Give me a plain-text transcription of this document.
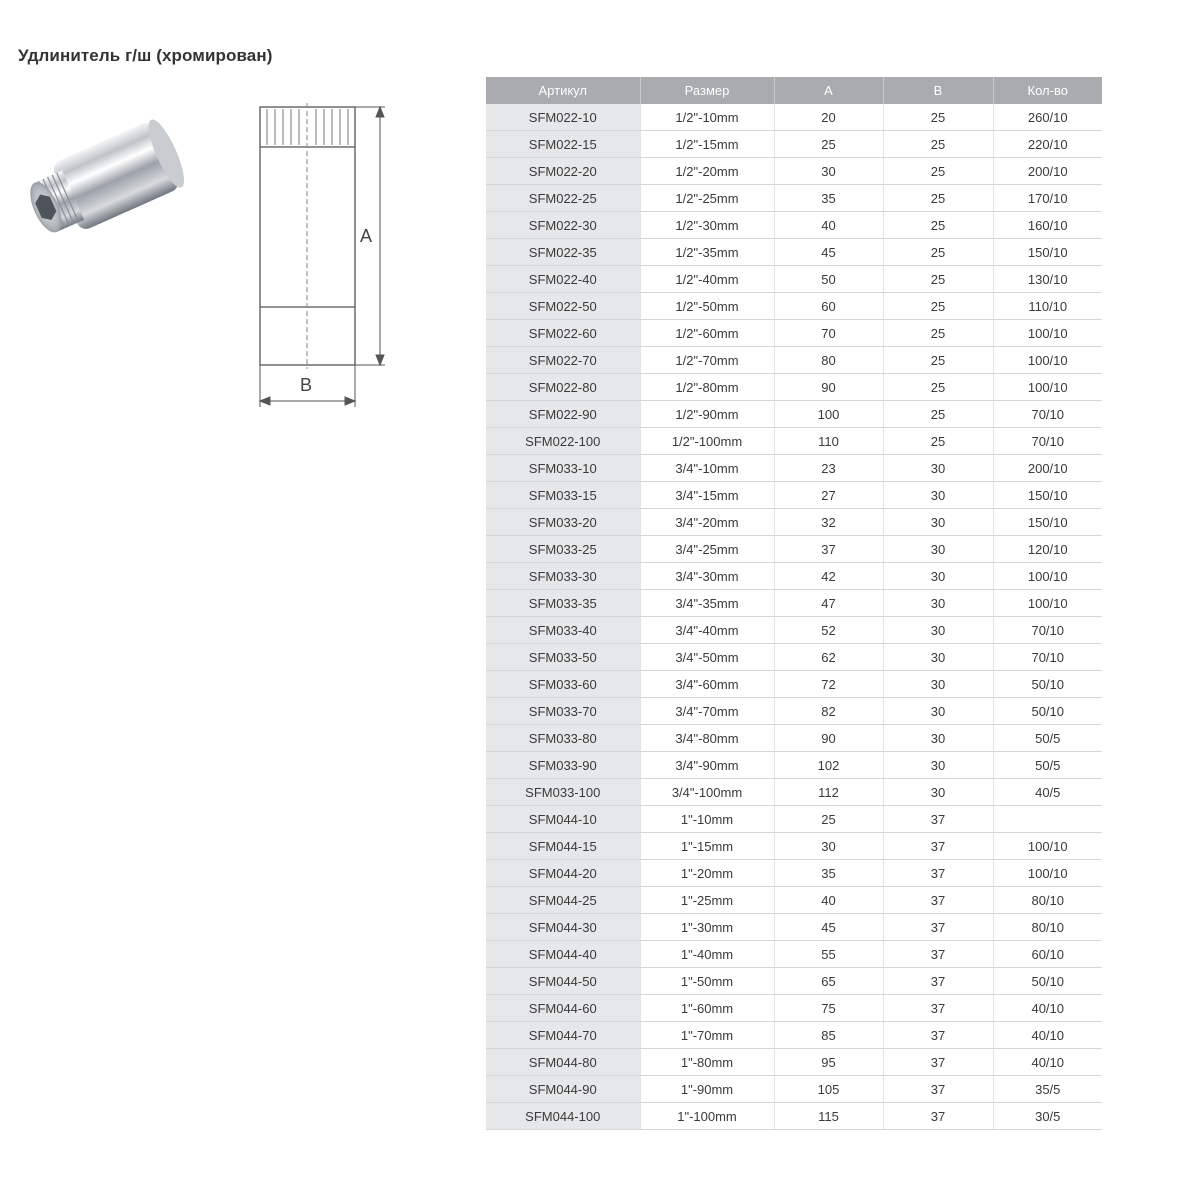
Удлинитель г/ш (хромирован)
A
B
Артикул	Размер	A	B	Кол-во
SFM022-10	1/2"-10mm	20	25	260/10
SFM022-15	1/2"-15mm	25	25	220/10
SFM022-20	1/2"-20mm	30	25	200/10
SFM022-25	1/2"-25mm	35	25	170/10
SFM022-30	1/2"-30mm	40	25	160/10
SFM022-35	1/2"-35mm	45	25	150/10
SFM022-40	1/2"-40mm	50	25	130/10
SFM022-50	1/2"-50mm	60	25	110/10
SFM022-60	1/2"-60mm	70	25	100/10
SFM022-70	1/2"-70mm	80	25	100/10
SFM022-80	1/2"-80mm	90	25	100/10
SFM022-90	1/2"-90mm	100	25	70/10
SFM022-100	1/2"-100mm	110	25	70/10
SFM033-10	3/4"-10mm	23	30	200/10
SFM033-15	3/4"-15mm	27	30	150/10
SFM033-20	3/4"-20mm	32	30	150/10
SFM033-25	3/4"-25mm	37	30	120/10
SFM033-30	3/4"-30mm	42	30	100/10
SFM033-35	3/4"-35mm	47	30	100/10
SFM033-40	3/4"-40mm	52	30	70/10
SFM033-50	3/4"-50mm	62	30	70/10
SFM033-60	3/4"-60mm	72	30	50/10
SFM033-70	3/4"-70mm	82	30	50/10
SFM033-80	3/4"-80mm	90	30	50/5
SFM033-90	3/4"-90mm	102	30	50/5
SFM033-100	3/4"-100mm	112	30	40/5
SFM044-10	1"-10mm	25	37	
SFM044-15	1"-15mm	30	37	100/10
SFM044-20	1"-20mm	35	37	100/10
SFM044-25	1"-25mm	40	37	80/10
SFM044-30	1"-30mm	45	37	80/10
SFM044-40	1"-40mm	55	37	60/10
SFM044-50	1"-50mm	65	37	50/10
SFM044-60	1"-60mm	75	37	40/10
SFM044-70	1"-70mm	85	37	40/10
SFM044-80	1"-80mm	95	37	40/10
SFM044-90	1"-90mm	105	37	35/5
SFM044-100	1"-100mm	115	37	30/5
